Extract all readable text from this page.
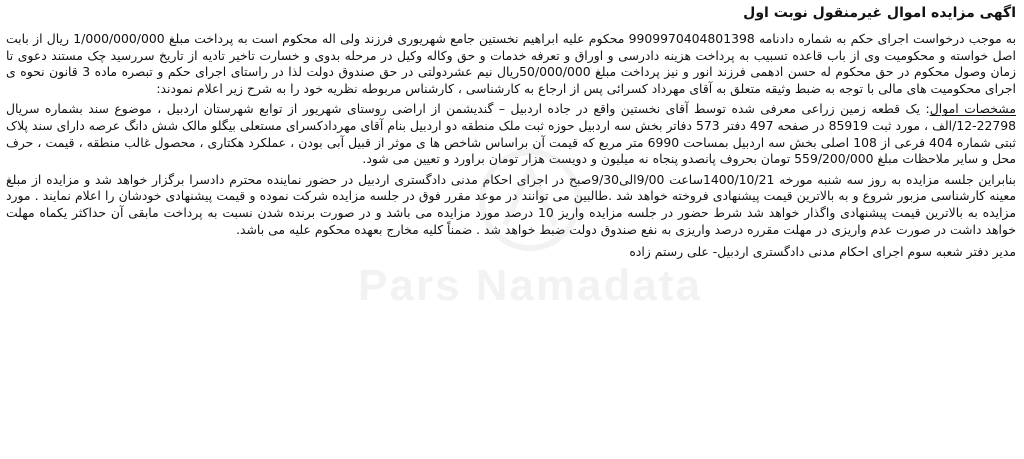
اگهی مزایده اموال غیرمنقول نوبت اول

به موجب درخواست اجرای حکم به شماره دادنامه 9909970404801398 محکوم علیه ابراهیم نخستین جامع شهریوری فرزند ولی اله محکوم است به پرداخت مبلغ 1/000/000/000 ریال از بابت اصل خواسته و محکومیت وی از باب قاعده تسبیب به پرداخت هزینه دادرسی و اوراق و تعرفه خدمات و حق وکاله وکیل در مرحله بدوی و خسارت تاخیر تادیه از تاریخ سررسید چک مستند دعوی تا زمان وصول محکوم در حق محکوم له حسن ادهمی فرزند انور و نیز پرداخت مبلغ 50/000/000ریال نیم عشردولتی در حق صندوق دولت لذا در راستای اجرای حکم و تبصره ماده 3 قانون نحوه ی اجرای محکومیت های مالی با توجه به ضبط وثیقه متعلق به آقای مهرداد کسرائی پس از ارجاع به کارشناسی ، کارشناس مربوطه نظریه خود را به شرح زیر اعلام نمودند:

مشخصات اموال: یک قطعه زمین زراعی معرفی شده توسط آقای نخستین واقع در جاده اردبیل – گندیشمن از اراضی روستای شهریور از توابع شهرستان اردبیل ، موضوع سند بشماره سریال 22798-12/الف ، مورد ثبت 85919 در صفحه 497 دفتر 573 دفاتر بخش سه اردبیل حوزه ثبت ملک منطقه دو اردبیل بنام آقای مهردادکسرای مستعلی بیگلو مالک شش دانگ عرصه دارای سند پلاک ثبتی شماره 404 فرعی از 108 اصلی بخش سه اردبیل بمساحت 6990 متر مربع که قیمت آن براساس شاخص ها ی موثر از قبیل آبی بودن ، عملکرد هکتاری ، محصول غالب منطقه ، قیمت ، حرف محل و سایر ملاحظات مبلغ 559/200/000 تومان بحروف پانصدو پنجاه نه میلیون و دویست هزار تومان براورد و تعیین می شود.

بنابراین جلسه مزایده به روز سه شنبه مورخه 1400/10/21ساعت 9/00الی9/30صبح در اجرای احکام مدنی دادگستری اردبیل در حضور نماینده محترم دادسرا برگزار خواهد شد و مزایده از مبلغ معینه کارشناسی مزبور شروع و به بالاترین قیمت پیشنهادی فروخته خواهد شد .طالبین می توانند در موعد مقرر فوق در جلسه مزایده شرکت نموده و قیمت پیشنهادی خودشان را اعلام نمایند . مورد مزایده به بالاترین قیمت پیشنهادی واگذار خواهد شد شرط حضور در جلسه مزایده واریز 10 درصد مورد مزایده می باشد و در صورت برنده شدن نسبت به پرداخت مابقی آن حداکثر یکماه مهلت خواهد داشت در صورت عدم واریزی در مهلت مقرره درصد واریزی به نفع صندوق دولت ضبط خواهد شد . ضمناً کلیه مخارج بعهده محکوم علیه می باشد.

مدیر دفتر شعبه سوم اجرای احکام مدنی دادگستری اردبیل- علی رستم زاده
Pars Namadata
